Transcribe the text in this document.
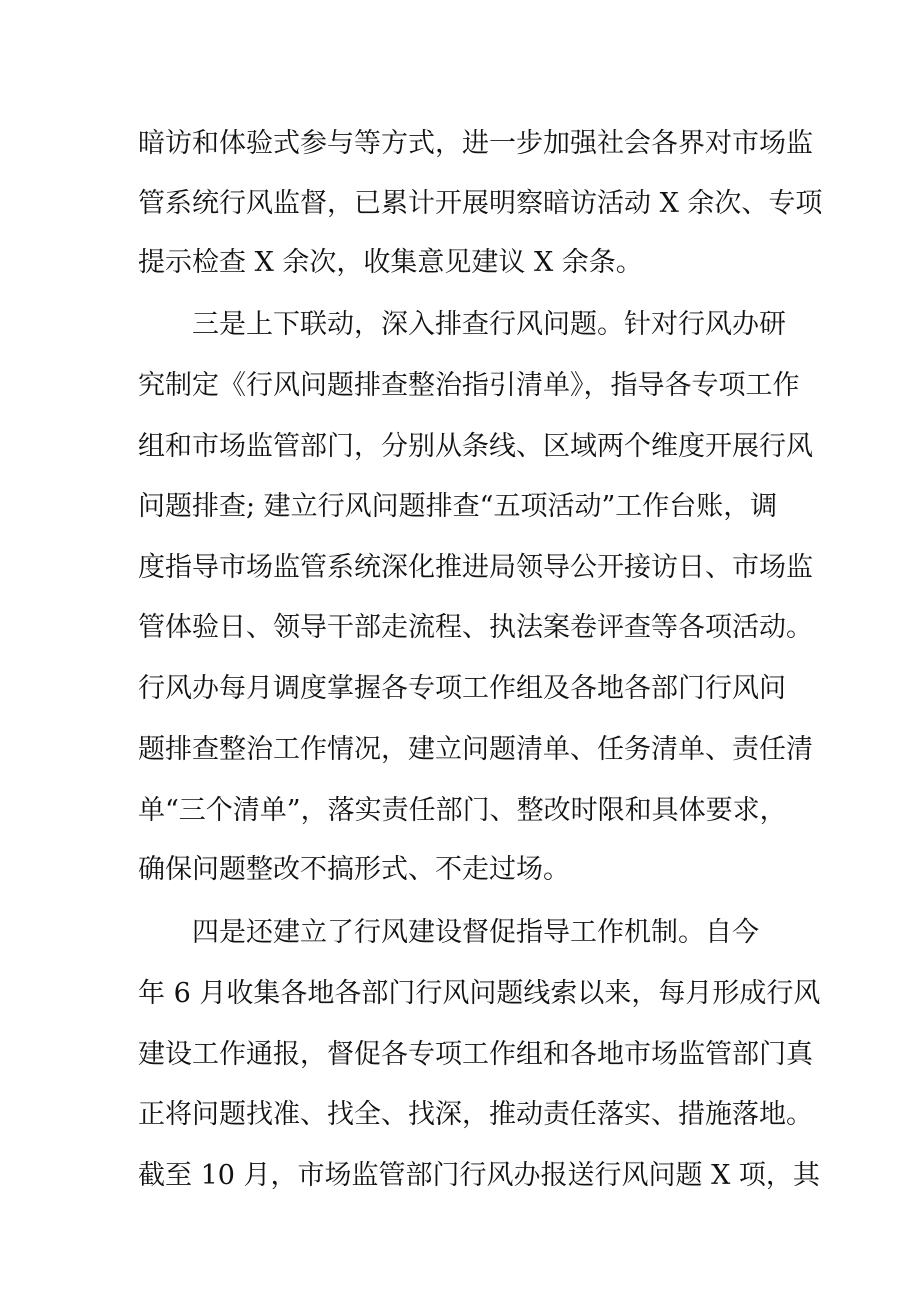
暗访和体验式参与等方式，进一步加强社会各界对市场监
管系统行风监督，已累计开展明察暗访活动 X 余次、专项
提示检查 X 余次，收集意见建议 X 余条。
三是上下联动，深入排查行风问题。针对行风办研
究制定《行风问题排查整治指引清单》，指导各专项工作
组和市场监管部门，分别从条线、区域两个维度开展行风
问题排查; 建立行风问题排查“五项活动”工作台账，调
度指导市场监管系统深化推进局领导公开接访日、市场监
管体验日、领导干部走流程、执法案卷评查等各项活动。
行风办每月调度掌握各专项工作组及各地各部门行风问
题排查整治工作情况，建立问题清单、任务清单、责任清
单“三个清单”，落实责任部门、整改时限和具体要求，
确保问题整改不搞形式、不走过场。
四是还建立了行风建设督促指导工作机制。自今
年 6 月收集各地各部门行风问题线索以来，每月形成行风
建设工作通报，督促各专项工作组和各地市场监管部门真
正将问题找准、找全、找深，推动责任落实、措施落地。
截至 10 月，市场监管部门行风办报送行风问题 X 项，其
